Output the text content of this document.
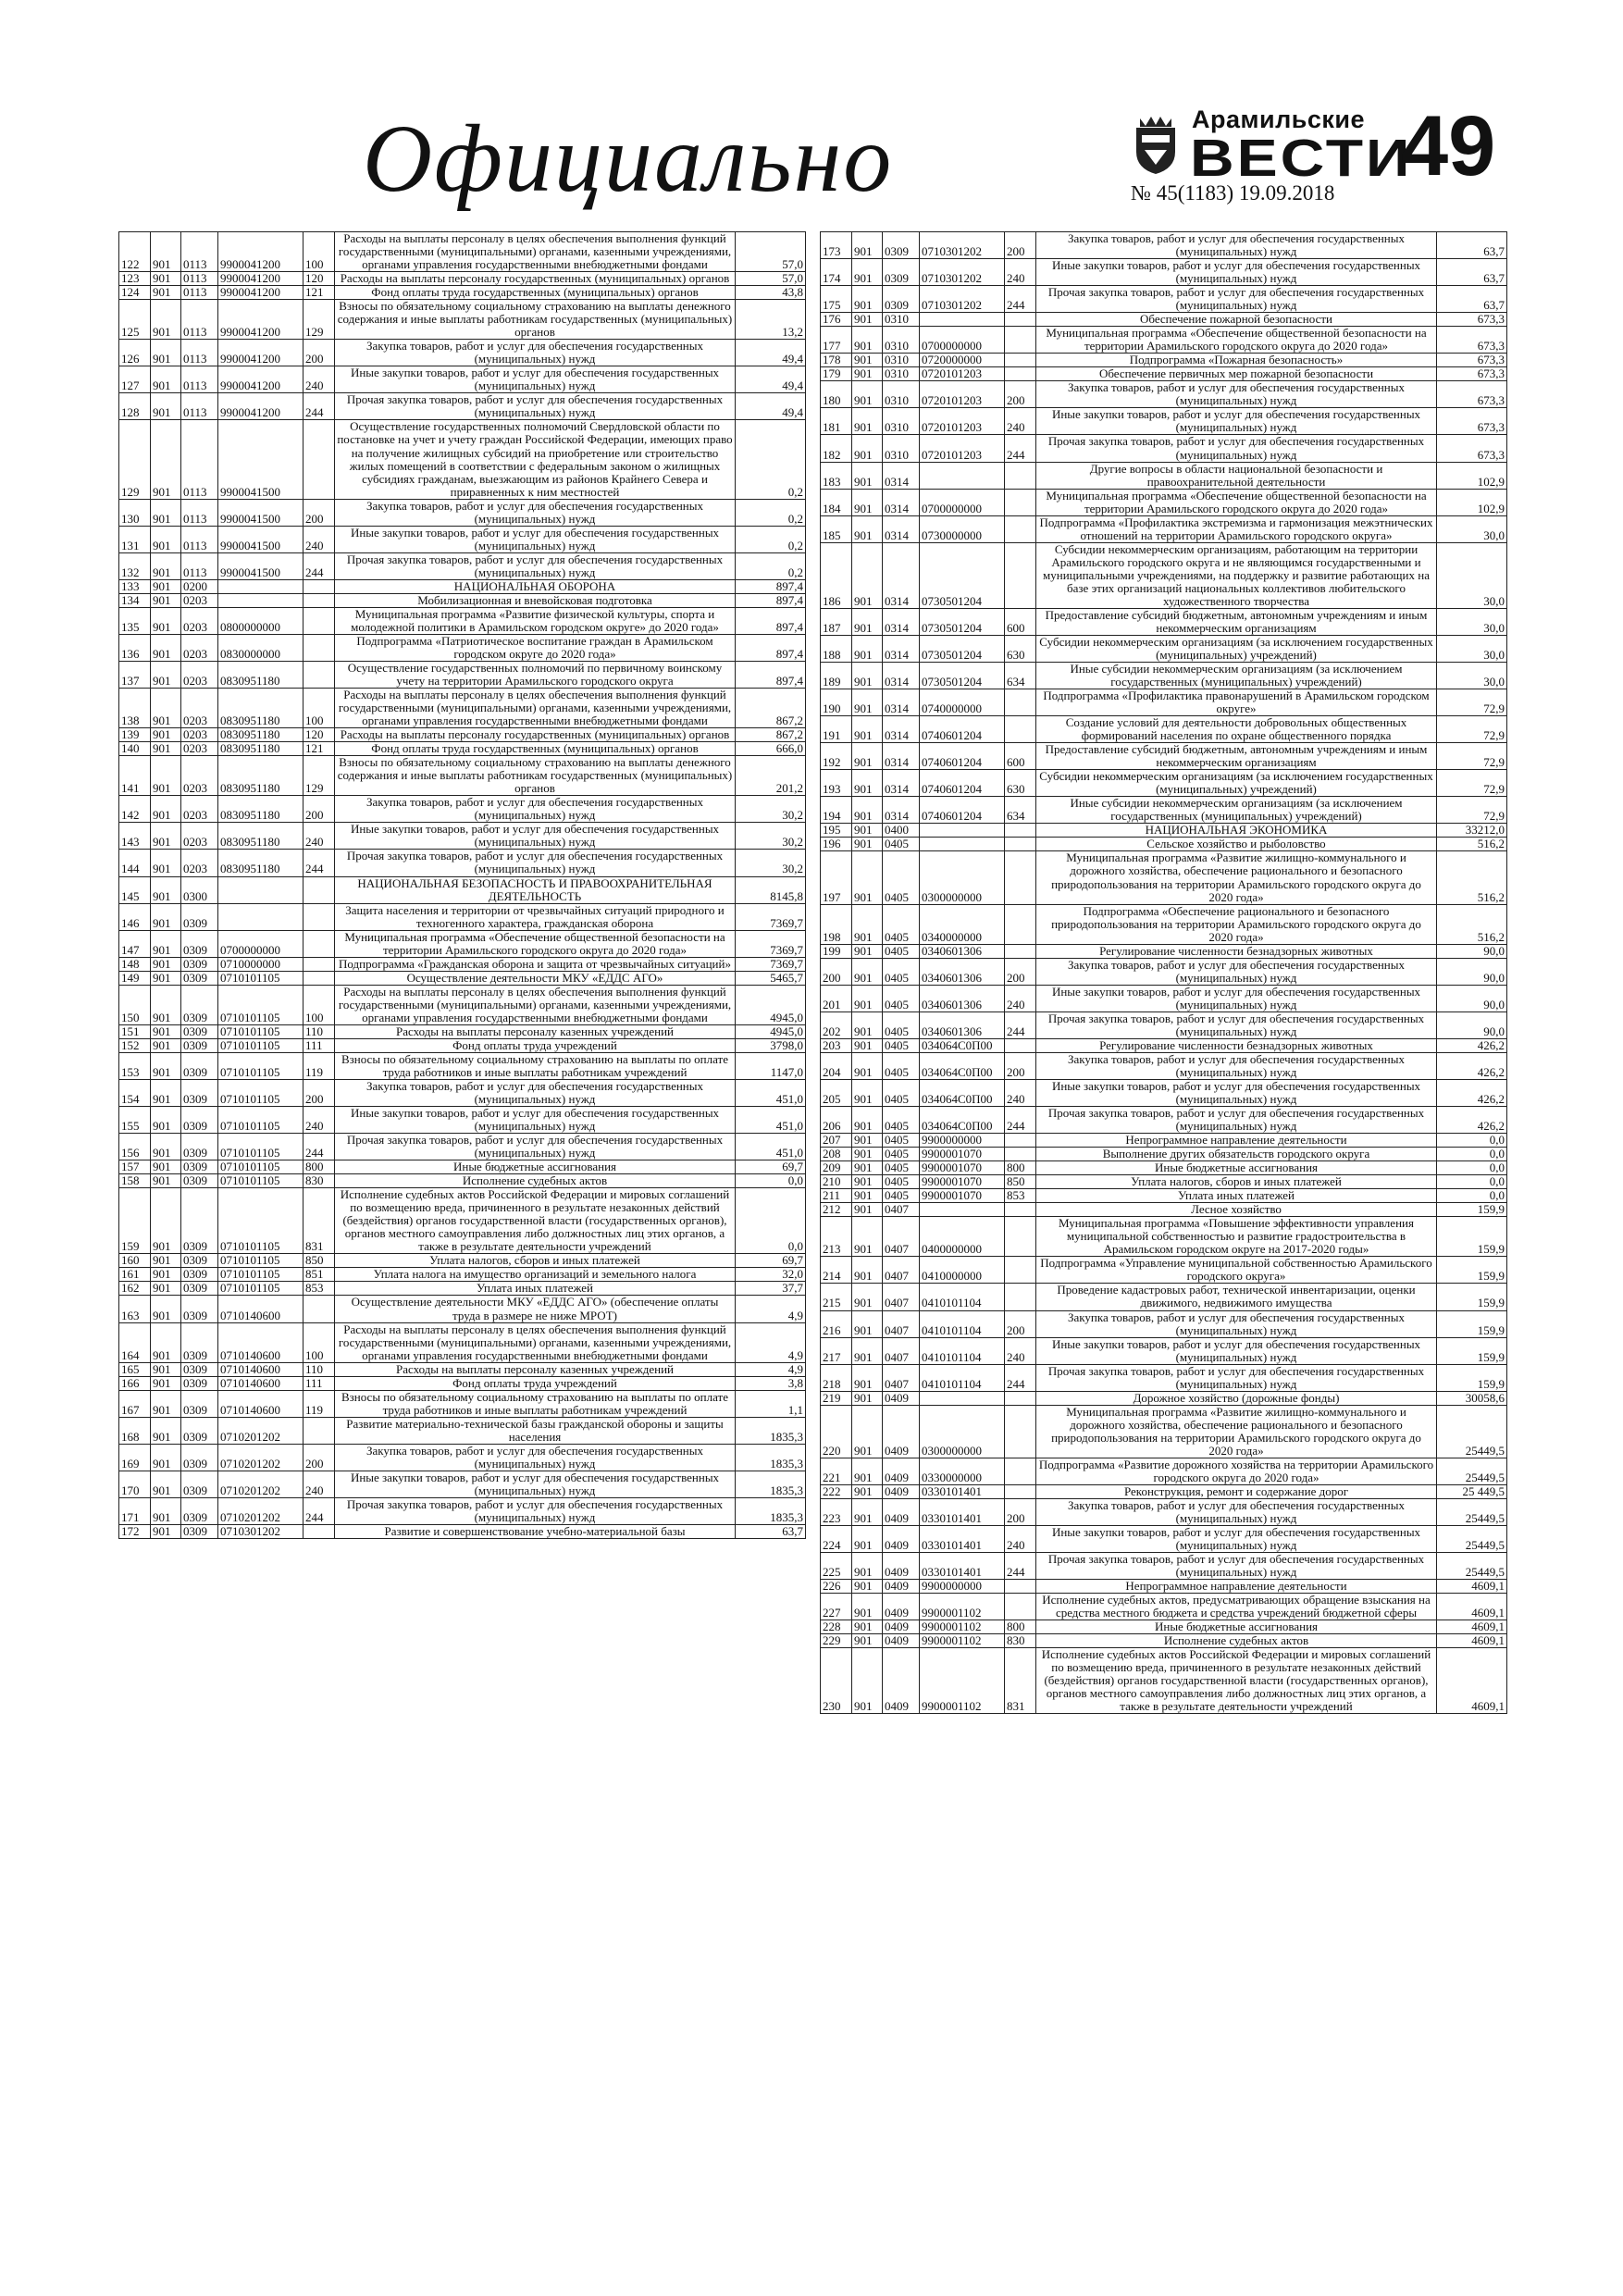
Официально	Арамильские
ВЕСТИ
№ 45(1183) 19.09.2018 49
122	901	0113	9900041200	100	Расходы на выплаты персоналу в целях обеспечения выполнения функций государственными (муниципальными) органами, казенными учреждениями, органами управления государственными внебюджетными фондами	57,0
123	901	0113	9900041200	120	Расходы на выплаты персоналу государственных (муниципальных) органов	57,0
124	901	0113	9900041200	121	Фонд оплаты труда государственных (муниципальных) органов	43,8
125	901	0113	9900041200	129	Взносы по обязательному социальному страхованию на выплаты денежного содержания и иные выплаты работникам государственных (муниципальных) органов	13,2
126	901	0113	9900041200	200	Закупка товаров, работ и услуг для обеспечения государственных (муниципальных) нужд	49,4
127	901	0113	9900041200	240	Иные закупки товаров, работ и услуг для обеспечения государственных (муниципальных) нужд	49,4
128	901	0113	9900041200	244	Прочая закупка товаров, работ и услуг для обеспечения государственных (муниципальных) нужд	49,4
129	901	0113	9900041500		Осуществление государственных полномочий Свердловской области по постановке на учет и учету граждан Российской Федерации, имеющих право на получение жилищных субсидий на приобретение или строительство жилых помещений в соответствии с федеральным законом о жилищных субсидиях гражданам, выезжающим из районов Крайнего Севера и приравненных к ним местностей	0,2
130	901	0113	9900041500	200	Закупка товаров, работ и услуг для обеспечения государственных (муниципальных) нужд	0,2
131	901	0113	9900041500	240	Иные закупки товаров, работ и услуг для обеспечения государственных (муниципальных) нужд	0,2
132	901	0113	9900041500	244	Прочая закупка товаров, работ и услуг для обеспечения государственных (муниципальных) нужд	0,2
133	901	0200			НАЦИОНАЛЬНАЯ ОБОРОНА	897,4
134	901	0203			Мобилизационная и вневойсковая подготовка	897,4
135	901	0203	0800000000		Муниципальная программа «Развитие физической культуры, спорта и молодежной политики в Арамильском городском округе» до 2020 года»	897,4
136	901	0203	0830000000		Подпрограмма «Патриотическое воспитание граждан в Арамильском городском округе до 2020 года»	897,4
137	901	0203	0830951180		Осуществление государственных полномочий по первичному воинскому учету на территории Арамильского городского округа	897,4
138	901	0203	0830951180	100	Расходы на выплаты персоналу в целях обеспечения выполнения функций государственными (муниципальными) органами, казенными учреждениями, органами управления государственными внебюджетными фондами	867,2
139	901	0203	0830951180	120	Расходы на выплаты персоналу государственных (муниципальных) органов	867,2
140	901	0203	0830951180	121	Фонд оплаты труда государственных (муниципальных) органов	666,0
141	901	0203	0830951180	129	Взносы по обязательному социальному страхованию на выплаты денежного содержания и иные выплаты работникам государственных (муниципальных) органов	201,2
142	901	0203	0830951180	200	Закупка товаров, работ и услуг для обеспечения государственных (муниципальных) нужд	30,2
143	901	0203	0830951180	240	Иные закупки товаров, работ и услуг для обеспечения государственных (муниципальных) нужд	30,2
144	901	0203	0830951180	244	Прочая закупка товаров, работ и услуг для обеспечения государственных (муниципальных) нужд	30,2
145	901	0300			НАЦИОНАЛЬНАЯ БЕЗОПАСНОСТЬ И ПРАВООХРАНИТЕЛЬНАЯ ДЕЯТЕЛЬНОСТЬ	8145,8
146	901	0309			Защита населения и территории от чрезвычайных ситуаций природного и техногенного характера, гражданская оборона	7369,7
147	901	0309	0700000000		Муниципальная программа «Обеспечение общественной безопасности на территории Арамильского городского округа до 2020 года»	7369,7
148	901	0309	0710000000		Подпрограмма «Гражданская оборона и защита от чрезвычайных ситуаций»	7369,7
149	901	0309	0710101105		Осуществление деятельности МКУ «ЕДДС АГО»	5465,7
150	901	0309	0710101105	100	Расходы на выплаты персоналу в целях обеспечения выполнения функций государственными (муниципальными) органами, казенными учреждениями, органами управления государственными внебюджетными фондами	4945,0
151	901	0309	0710101105	110	Расходы на выплаты персоналу казенных учреждений	4945,0
152	901	0309	0710101105	111	Фонд оплаты труда учреждений	3798,0
153	901	0309	0710101105	119	Взносы по обязательному социальному страхованию на выплаты по оплате труда работников и иные выплаты работникам учреждений	1147,0
154	901	0309	0710101105	200	Закупка товаров, работ и услуг для обеспечения государственных (муниципальных) нужд	451,0
155	901	0309	0710101105	240	Иные закупки товаров, работ и услуг для обеспечения государственных (муниципальных) нужд	451,0
156	901	0309	0710101105	244	Прочая закупка товаров, работ и услуг для обеспечения государственных (муниципальных) нужд	451,0
157	901	0309	0710101105	800	Иные бюджетные ассигнования	69,7
158	901	0309	0710101105	830	Исполнение судебных актов	0,0
159	901	0309	0710101105	831	Исполнение судебных актов Российской Федерации и мировых соглашений по возмещению вреда, причиненного в результате незаконных действий (бездействия) органов государственной власти (государственных органов), органов местного самоуправления либо должностных лиц этих органов, а также в результате деятельности учреждений	0,0
160	901	0309	0710101105	850	Уплата налогов, сборов и иных платежей	69,7
161	901	0309	0710101105	851	Уплата налога на имущество организаций и земельного налога	32,0
162	901	0309	0710101105	853	Уплата иных платежей	37,7
163	901	0309	0710140600		Осуществление деятельности МКУ «ЕДДС АГО» (обеспечение оплаты труда в размере не ниже МРОТ)	4,9
164	901	0309	0710140600	100	Расходы на выплаты персоналу в целях обеспечения выполнения функций государственными (муниципальными) органами, казенными учреждениями, органами управления государственными внебюджетными фондами	4,9
165	901	0309	0710140600	110	Расходы на выплаты персоналу казенных учреждений	4,9
166	901	0309	0710140600	111	Фонд оплаты труда учреждений	3,8
167	901	0309	0710140600	119	Взносы по обязательному социальному страхованию на выплаты по оплате труда работников и иные выплаты работникам учреждений	1,1
168	901	0309	0710201202		Развитие материально-технической базы гражданской обороны и защиты населения	1835,3
169	901	0309	0710201202	200	Закупка товаров, работ и услуг для обеспечения государственных (муниципальных) нужд	1835,3
170	901	0309	0710201202	240	Иные закупки товаров, работ и услуг для обеспечения государственных (муниципальных) нужд	1835,3
171	901	0309	0710201202	244	Прочая закупка товаров, работ и услуг для обеспечения государственных (муниципальных) нужд	1835,3
172	901	0309	0710301202		Развитие и совершенствование учебно-материальной базы	63,7
173	901	0309	0710301202	200	Закупка товаров, работ и услуг для обеспечения государственных (муниципальных) нужд	63,7
174	901	0309	0710301202	240	Иные закупки товаров, работ и услуг для обеспечения государственных (муниципальных) нужд	63,7
175	901	0309	0710301202	244	Прочая закупка товаров, работ и услуг для обеспечения государственных (муниципальных) нужд	63,7
176	901	0310			Обеспечение пожарной безопасности	673,3
177	901	0310	0700000000		Муниципальная программа «Обеспечение общественной безопасности на территории Арамильского городского округа до 2020 года»	673,3
178	901	0310	0720000000		Подпрограмма «Пожарная безопасность»	673,3
179	901	0310	0720101203		Обеспечение первичных мер пожарной безопасности	673,3
180	901	0310	0720101203	200	Закупка товаров, работ и услуг для обеспечения государственных (муниципальных) нужд	673,3
181	901	0310	0720101203	240	Иные закупки товаров, работ и услуг для обеспечения государственных (муниципальных) нужд	673,3
182	901	0310	0720101203	244	Прочая закупка товаров, работ и услуг для обеспечения государственных (муниципальных) нужд	673,3
183	901	0314			Другие вопросы в области национальной безопасности и правоохранительной деятельности	102,9
184	901	0314	0700000000		Муниципальная программа «Обеспечение общественной безопасности на территории Арамильского городского округа до 2020 года»	102,9
185	901	0314	0730000000		Подпрограмма «Профилактика экстремизма и гармонизация межэтнических отношений на территории Арамильского городского округа»	30,0
186	901	0314	0730501204		Субсидии некоммерческим организациям, работающим на территории Арамильского городского округа и не являющимся государственными и муниципальными учреждениями, на поддержку и развитие работающих на базе этих организаций национальных коллективов любительского художественного творчества	30,0
187	901	0314	0730501204	600	Предоставление субсидий бюджетным, автономным учреждениям и иным некоммерческим организациям	30,0
188	901	0314	0730501204	630	Субсидии некоммерческим организациям (за исключением государственных (муниципальных) учреждений)	30,0
189	901	0314	0730501204	634	Иные субсидии некоммерческим организациям (за исключением государственных (муниципальных) учреждений)	30,0
190	901	0314	0740000000		Подпрограмма «Профилактика правонарушений в Арамильском городском округе»	72,9
191	901	0314	0740601204		Создание условий для деятельности добровольных общественных формирований населения по охране общественного порядка	72,9
192	901	0314	0740601204	600	Предоставление субсидий бюджетным, автономным учреждениям и иным некоммерческим организациям	72,9
193	901	0314	0740601204	630	Субсидии некоммерческим организациям (за исключением государственных (муниципальных) учреждений)	72,9
194	901	0314	0740601204	634	Иные субсидии некоммерческим организациям (за исключением государственных (муниципальных) учреждений)	72,9
195	901	0400			НАЦИОНАЛЬНАЯ ЭКОНОМИКА	33212,0
196	901	0405			Сельское хозяйство и рыболовство	516,2
197	901	0405	0300000000		Муниципальная программа «Развитие жилищно-коммунального и дорожного хозяйства, обеспечение рационального и безопасного природопользования на территории Арамильского городского округа до 2020 года»	516,2
198	901	0405	0340000000		Подпрограмма «Обеспечение рационального и безопасного природопользования на территории Арамильского городского округа до 2020 года»	516,2
199	901	0405	0340601306		Регулирование численности безнадзорных животных	90,0
200	901	0405	0340601306	200	Закупка товаров, работ и услуг для обеспечения государственных (муниципальных) нужд	90,0
201	901	0405	0340601306	240	Иные закупки товаров, работ и услуг для обеспечения государственных (муниципальных) нужд	90,0
202	901	0405	0340601306	244	Прочая закупка товаров, работ и услуг для обеспечения государственных (муниципальных) нужд	90,0
203	901	0405	034064С0П00		Регулирование численности безнадзорных животных	426,2
204	901	0405	034064С0П00	200	Закупка товаров, работ и услуг для обеспечения государственных (муниципальных) нужд	426,2
205	901	0405	034064С0П00	240	Иные закупки товаров, работ и услуг для обеспечения государственных (муниципальных) нужд	426,2
206	901	0405	034064С0П00	244	Прочая закупка товаров, работ и услуг для обеспечения государственных (муниципальных) нужд	426,2
207	901	0405	9900000000		Непрограммное направление деятельности	0,0
208	901	0405	9900001070		Выполнение других обязательств городского округа	0,0
209	901	0405	9900001070	800	Иные бюджетные ассигнования	0,0
210	901	0405	9900001070	850	Уплата налогов, сборов и иных платежей	0,0
211	901	0405	9900001070	853	Уплата иных платежей	0,0
212	901	0407			Лесное хозяйство	159,9
213	901	0407	0400000000		Муниципальная программа «Повышение эффективности управления муниципальной собственностью и развитие градостроительства в Арамильском городском округе на 2017-2020 годы»	159,9
214	901	0407	0410000000		Подпрограмма «Управление муниципальной собственностью Арамильского городского округа»	159,9
215	901	0407	0410101104		Проведение кадастровых работ, технической инвентаризации, оценки движимого, недвижимого имущества	159,9
216	901	0407	0410101104	200	Закупка товаров, работ и услуг для обеспечения государственных (муниципальных) нужд	159,9
217	901	0407	0410101104	240	Иные закупки товаров, работ и услуг для обеспечения государственных (муниципальных) нужд	159,9
218	901	0407	0410101104	244	Прочая закупка товаров, работ и услуг для обеспечения государственных (муниципальных) нужд	159,9
219	901	0409			Дорожное хозяйство (дорожные фонды)	30058,6
220	901	0409	0300000000		Муниципальная программа «Развитие жилищно-коммунального и дорожного хозяйства, обеспечение рационального и безопасного природопользования на территории Арамильского городского округа до 2020 года»	25449,5
221	901	0409	0330000000		Подпрограмма «Развитие дорожного хозяйства на территории Арамильского городского округа до 2020 года»	25449,5
222	901	0409	0330101401		Реконструкция, ремонт и содержание дорог	25 449,5
223	901	0409	0330101401	200	Закупка товаров, работ и услуг для обеспечения государственных (муниципальных) нужд	25449,5
224	901	0409	0330101401	240	Иные закупки товаров, работ и услуг для обеспечения государственных (муниципальных) нужд	25449,5
225	901	0409	0330101401	244	Прочая закупка товаров, работ и услуг для обеспечения государственных (муниципальных) нужд	25449,5
226	901	0409	9900000000		Непрограммное направление деятельности	4609,1
227	901	0409	9900001102		Исполнение судебных актов, предусматривающих обращение взыскания на средства местного бюджета и средства учреждений бюджетной сферы	4609,1
228	901	0409	9900001102	800	Иные бюджетные ассигнования	4609,1
229	901	0409	9900001102	830	Исполнение судебных актов	4609,1
230	901	0409	9900001102	831	Исполнение судебных актов Российской Федерации и мировых соглашений по возмещению вреда, причиненного в результате незаконных действий (бездействия) органов государственной власти (государственных органов), органов местного самоуправления либо должностных лиц этих органов, а также в результате деятельности учреждений	4609,1
